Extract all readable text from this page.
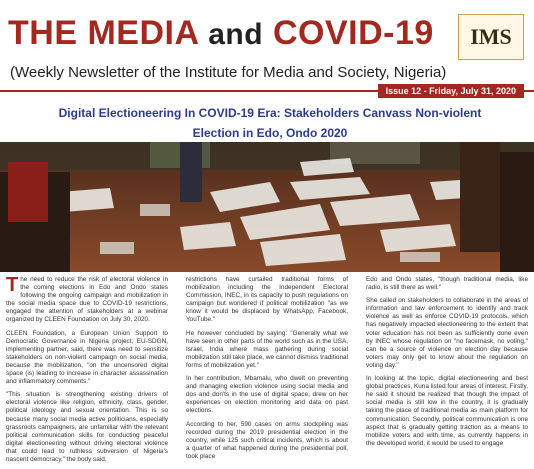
THE MEDIA and COVID-19 IMS
(Weekly Newsletter of the Institute for Media and Society, Nigeria)
Issue 12 - Friday, July 31, 2020
Digital Electioneering In COVID-19 Era: Stakeholders Canvass Non-violent
Election in Edo, Ondo 2020

The need to reduce the risk of electoral violence in the coming elections in Edo and Ondo states following the ongoing campaign and mobilization in the social media space due to COVID-19 restrictions, engaged the attention of stakeholders at a webinar organized by CLEEN Foundation on July 30, 2020.

CLEEN Foundation, a European Union Support to Democratic Governance in Nigeria project, EU-SDGN, implementing partner, said, there was need to sensitize stakeholders on non-violent campaign on social media, because the mobilization, "on the uncensored digital space (is) leading to increase in character assassination and inflammatory comments."

"This situation is strengthening existing drivers of electoral violence like religion, ethnicity, class, gender, political ideology and sexual orientation. This is so because many social media active politicians, especially grassroots campaigners, are unfamiliar with the relevant political communication skills for conducting peaceful digital electioneering without driving electoral violence that could lead to ruthless subversion of Nigeria's nascent democracy," the body said.

restrictions have curtailed traditional forms of mobilization including the Independent Electoral Commission, INEC, in its capacity to push regulations on campaign but wondered if political mobilization "as we know it would be displaced by WhatsApp, Facebook, YouTube."

He however concluded by saying: "Generally what we have seen in other parts of the world such as in the USA, Israel, India where mass gathering during social mobilization still take place, we cannot dismiss traditional forms of mobilization yet."

In her contribution, Mbamalu, who dwelt on preventing and managing election violence using social media and dos and don'ts in the use of digital space, drew on her experiences on election monitoring and data on past elections.

According to her, 590 cases on arms stockpiling was recorded during the 2019 presidential election in the country, while 125 such critical incidents, which is about a quarter of what happened during the presidential poll, took place

Edo and Ondo states, "though traditional media, like radio, is still there as well."

She called on stakeholders to collaborate in the areas of information and law enforcement to identify and track violence as well as enforce COVID-19 protocols, which has negatively impacted electioneering to the extent that voter education has not been as sufficiently done even by INEC whose regulation on "no facemask, no voting," can be a source of violence on election day because voters may only get to know about the regulation on voting day."

In looking at the topic, digital electioneering and best global practices, Kuna listed four areas of interest. Firstly, he said it should be realized that though the impact of social media is still low in the country, it is gradually taking the place of traditional media as main platform for communication. Secondly, political communication is one aspect that is gradually getting traction as a means to mobilize voters and with time, as currently happens in the developed world, it would be used to engage
